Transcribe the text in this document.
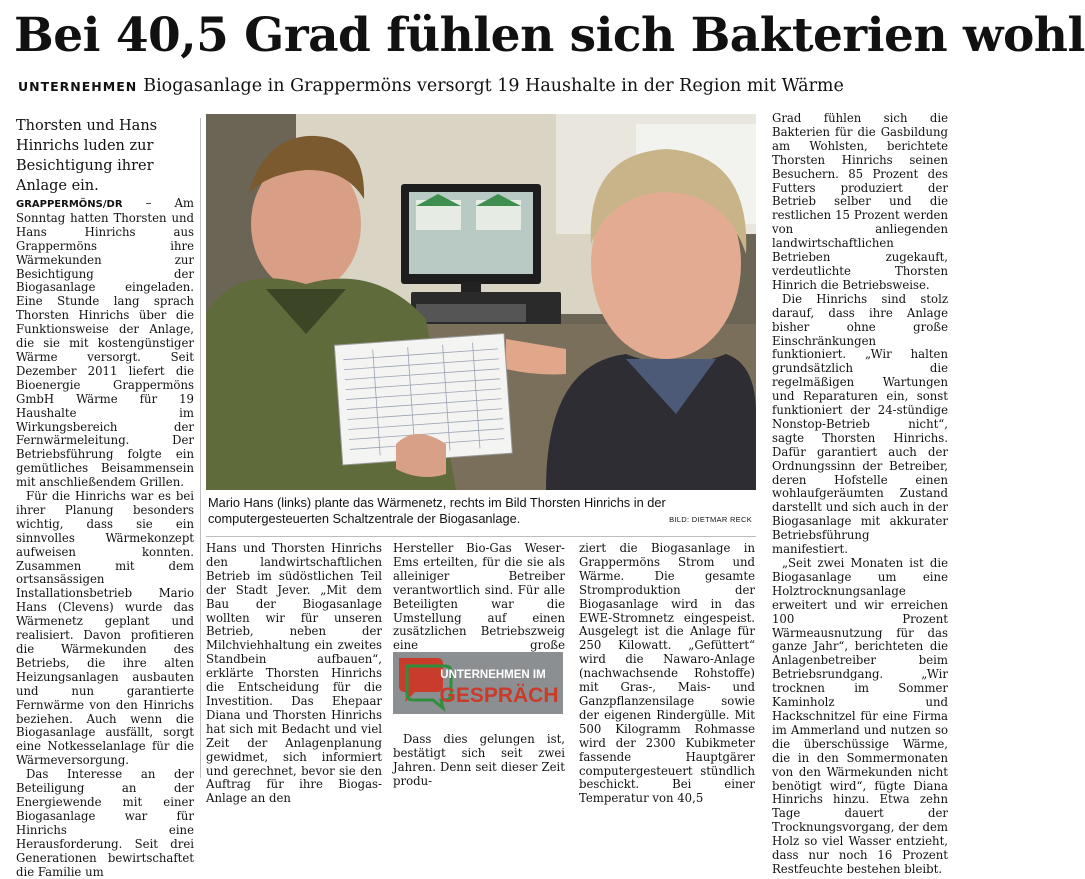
Bei 40,5 Grad fühlen sich Bakterien wohl
UNTERNEHMEN Biogasanlage in Grappermöns versorgt 19 Haushalte in der Region mit Wärme
Thorsten und Hans Hinrichs luden zur Besichtigung ihrer Anlage ein.

GRAPPERMÖNS/DR – Am Sonntag hatten Thorsten und Hans Hinrichs aus Grappermöns ihre Wärmekunden zur Besichtigung der Biogasanlage eingeladen. Eine Stunde lang sprach Thorsten Hinrichs über die Funktionsweise der Anlage, die sie mit kostengünstiger Wärme versorgt. Seit Dezember 2011 liefert die Bioenergie Grappermöns GmbH Wärme für 19 Haushalte im Wirkungsbereich der Fernwärmeleitung. Der Betriebsführung folgte ein gemütliches Beisammensein mit anschließendem Grillen.

Für die Hinrichs war es bei ihrer Planung besonders wichtig, dass sie ein sinnvolles Wärmekonzept aufweisen konnten. Zusammen mit dem ortsansässigen Installationsbetrieb Mario Hans (Clevens) wurde das Wärmenetz geplant und realisiert. Davon profitieren die Wärmekunden des Betriebs, die ihre alten Heizungsanlagen ausbauten und nun garantierte Fernwärme von den Hinrichs beziehen. Auch wenn die Biogasanlage ausfällt, sorgt eine Notkesselanlage für die Wärmeversorgung.

Das Interesse an der Beteiligung an der Energiewende mit einer Biogasanlage war für Hinrichs eine Herausforderung. Seit drei Generationen bewirtschaftet die Familie um

Mario Hans (links) plante das Wärmenetz, rechts im Bild Thorsten Hinrichs in der computergesteuerten Schaltzentrale der Biogasanlage.	BILD: DIETMAR RECK

Hans und Thorsten Hinrichs den landwirtschaftlichen Betrieb im südöstlichen Teil der Stadt Jever. „Mit dem Bau der Biogasanlage wollten wir für unseren Betrieb, neben der Milchviehhaltung ein zweites Standbein aufbauen“, erklärte Thorsten Hinrichs die Entscheidung für die Investition. Das Ehepaar Diana und Thorsten Hinrichs hat sich mit Bedacht und viel Zeit der Anlagenplanung gewidmet, sich informiert und gerechnet, bevor sie den Auftrag für ihre Biogas-Anlage an den

Hersteller Bio-Gas Weser-Ems erteilten, für die sie als alleiniger Betreiber verantwortlich sind. Für alle Beteiligten war die Umstellung auf einen zusätzlichen Betriebszweig eine große

UNTERNEHMEN IM
GESPRÄCH

Dass dies gelungen ist, bestätigt sich seit zwei Jahren. Denn seit dieser Zeit produ-

ziert die Biogasanlage in Grappermöns Strom und Wärme. Die gesamte Stromproduktion der Biogasanlage wird in das EWE-Stromnetz eingespeist. Ausgelegt ist die Anlage für 250 Kilowatt. „Gefüttert“ wird die Nawaro-Anlage (nachwachsende Rohstoffe) mit Gras-, Mais- und Ganzpflanzensilage sowie der eigenen Rindergülle. Mit 500 Kilogramm Rohmasse wird der 2300 Kubikmeter fassende Hauptgärer computergesteuert stündlich beschickt. Bei einer Temperatur von 40,5

Grad fühlen sich die Bakterien für die Gasbildung am Wohlsten, berichtete Thorsten Hinrichs seinen Besuchern. 85 Prozent des Futters produziert der Betrieb selber und die restlichen 15 Prozent werden von anliegenden landwirtschaftlichen Betrieben zugekauft, verdeutlichte Thorsten Hinrich die Betriebsweise.

Die Hinrichs sind stolz darauf, dass ihre Anlage bisher ohne große Einschränkungen funktioniert. „Wir halten grundsätzlich die regelmäßigen Wartungen und Reparaturen ein, sonst funktioniert der 24-stündige Nonstop-Betrieb nicht“, sagte Thorsten Hinrichs. Dafür garantiert auch der Ordnungssinn der Betreiber, deren Hofstelle einen wohlaufgeräumten Zustand darstellt und sich auch in der Biogasanlage mit akkurater Betriebsführung manifestiert.

„Seit zwei Monaten ist die Biogasanlage um eine Holztrocknungsanlage erweitert und wir erreichen 100 Prozent Wärmeausnutzung für das ganze Jahr“, berichteten die Anlagenbetreiber beim Betriebsrundgang. „Wir trocknen im Sommer Kaminholz und Hackschnitzel für eine Firma im Ammerland und nutzen so die überschüssige Wärme, die in den Sommermonaten von den Wärmekunden nicht benötigt wird“, fügte Diana Hinrichs hinzu. Etwa zehn Tage dauert der Trocknungsvorgang, der dem Holz so viel Wasser entzieht, dass nur noch 16 Prozent Restfeuchte bestehen bleibt.
